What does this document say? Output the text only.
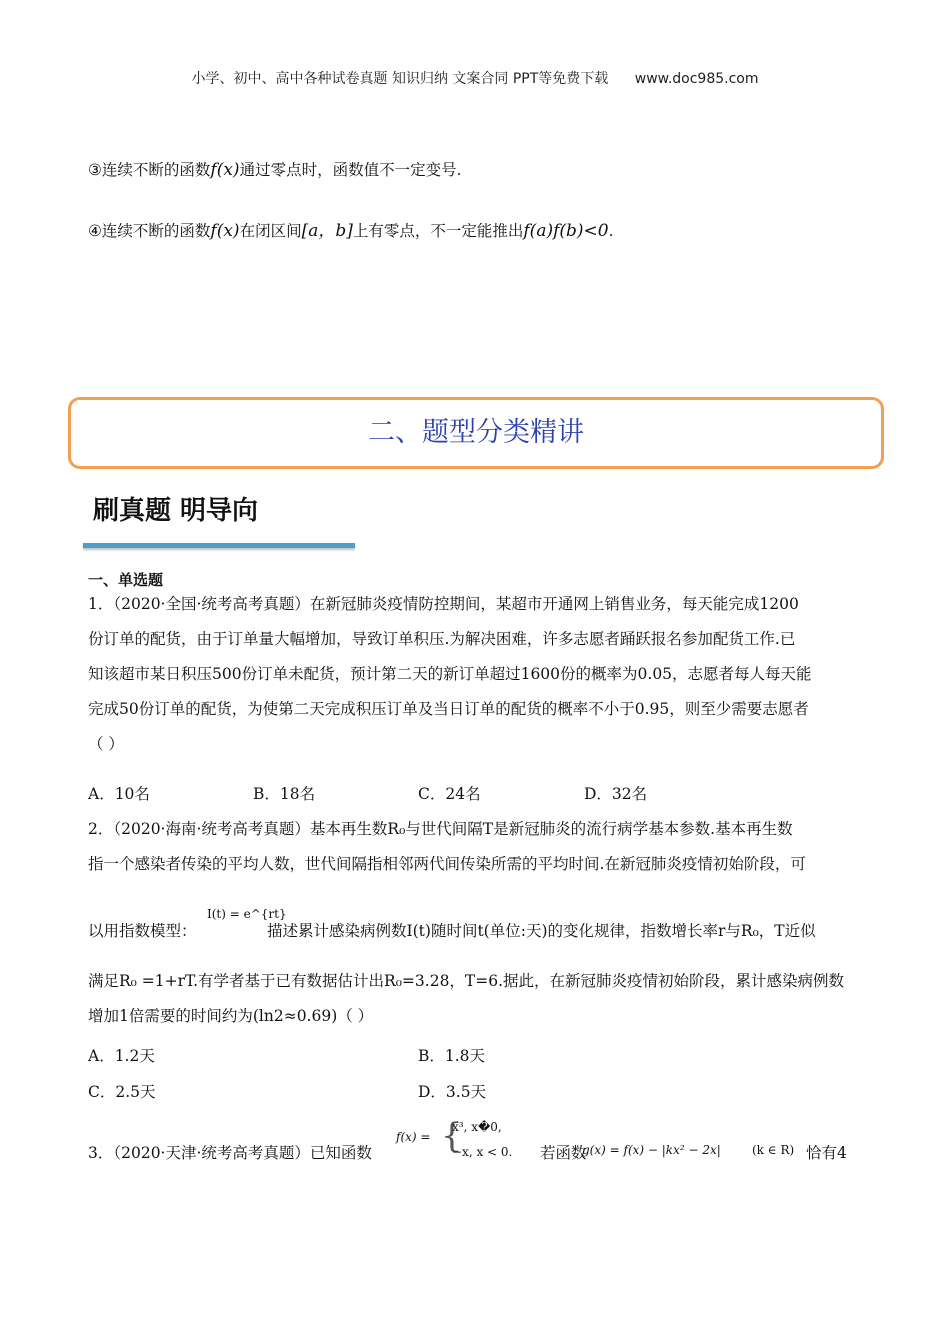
小学、初中、高中各种试卷真题 知识归纳 文案合同 PPT等免费下载 www.doc985.com
③连续不断的函数f(x)通过零点时，函数值不一定变号.
④连续不断的函数f(x)在闭区间[a，b]上有零点，不一定能推出f(a)f(b)<0.
二、题型分类精讲
刷真题 明导向
一、单选题
1．（2020·全国·统考高考真题）在新冠肺炎疫情防控期间，某超市开通网上销售业务，每天能完成1200
份订单的配货，由于订单量大幅增加，导致订单积压.为解决困难，许多志愿者踊跃报名参加配货工作.已
知该超市某日积压500份订单未配货，预计第二天的新订单超过1600份的概率为0.05，志愿者每人每天能
完成50份订单的配货，为使第二天完成积压订单及当日订单的配货的概率不小于0.95，则至少需要志愿者
（ ）
A．10名	B．18名	C．24名	D．32名
2．（2020·海南·统考高考真题）基本再生数R₀与世代间隔T是新冠肺炎的流行病学基本参数.基本再生数
指一个感染者传染的平均人数，世代间隔指相邻两代间传染所需的平均时间.在新冠肺炎疫情初始阶段，可
I(t) = e^{rt}
以用指数模型：	描述累计感染病例数I(t)随时间t(单位:天)的变化规律，指数增长率r与R₀，T近似
满足R₀ =1+rT.有学者基于已有数据估计出R₀=3.28，T=6.据此，在新冠肺炎疫情初始阶段，累计感染病例数
增加1倍需要的时间约为(ln2≈0.69)（ ）
A．1.2天	B．1.8天
C．2.5天	D．3.5天
3．（2020·天津·统考高考真题）已知函数
f(x) = {
x³, x�0,
−x, x < 0. 若函数
g(x) = f(x) − |kx² − 2x|	(k ∈ R) 恰有4
